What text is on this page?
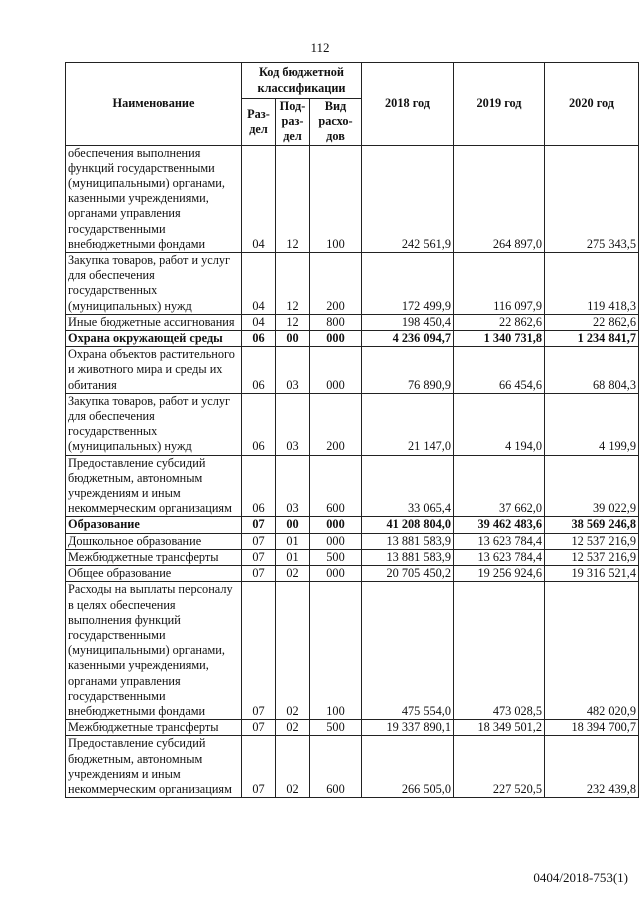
112
Наименование	Код бюджетной классификации			2018 год	2019 год	2020 год
	Раз-дел	Под-раз-дел	Вид расхо-дов			
обеспечения выполнения функций государственными (муниципальными) органами, казенными учреждениями, органами управления государственными внебюджетными фондами	04	12	100	242 561,9	264 897,0	275 343,5
Закупка товаров, работ и услуг для обеспечения государственных (муниципальных) нужд	04	12	200	172 499,9	116 097,9	119 418,3
Иные бюджетные ассигнования	04	12	800	198 450,4	22 862,6	22 862,6
Охрана окружающей среды	06	00	000	4 236 094,7	1 340 731,8	1 234 841,7
Охрана объектов растительного и животного мира и среды их обитания	06	03	000	76 890,9	66 454,6	68 804,3
Закупка товаров, работ и услуг для обеспечения государственных (муниципальных) нужд	06	03	200	21 147,0	4 194,0	4 199,9
Предоставление субсидий бюджетным, автономным учреждениям и иным некоммерческим организациям	06	03	600	33 065,4	37 662,0	39 022,9
Образование	07	00	000	41 208 804,0	39 462 483,6	38 569 246,8
Дошкольное образование	07	01	000	13 881 583,9	13 623 784,4	12 537 216,9
Межбюджетные трансферты	07	01	500	13 881 583,9	13 623 784,4	12 537 216,9
Общее образование	07	02	000	20 705 450,2	19 256 924,6	19 316 521,4
Расходы на выплаты персоналу в целях обеспечения выполнения функций государственными (муниципальными) органами, казенными учреждениями, органами управления государственными внебюджетными фондами	07	02	100	475 554,0	473 028,5	482 020,9
Межбюджетные трансферты	07	02	500	19 337 890,1	18 349 501,2	18 394 700,7
Предоставление субсидий бюджетным, автономным учреждениям и иным некоммерческим организациям	07	02	600	266 505,0	227 520,5	232 439,8
0404/2018-753(1)
